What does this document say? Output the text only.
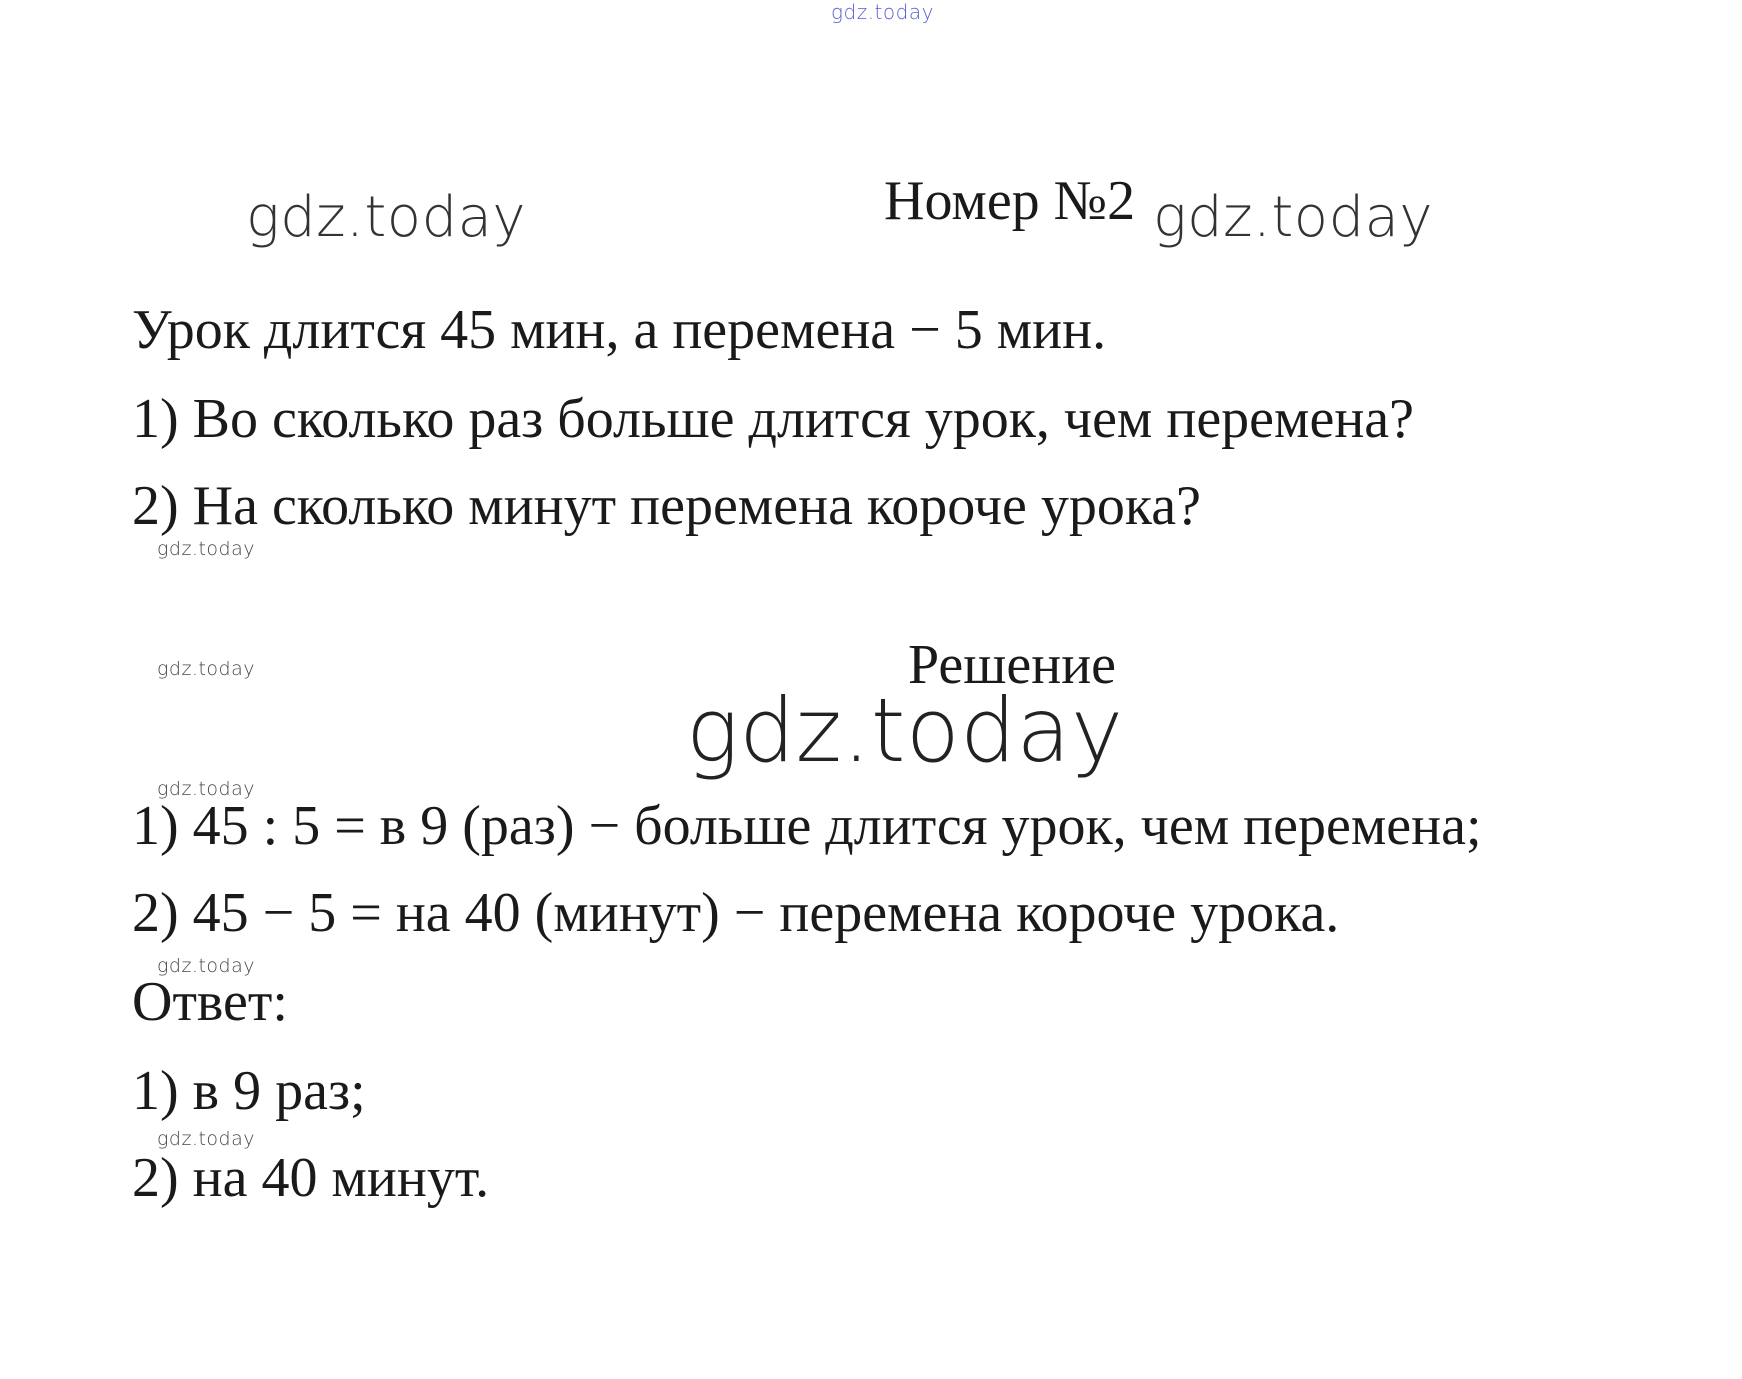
gdz.today
gdz.today	gdz.today
Номер №2
Урок длится 45 мин, а перемена − 5 мин.
1) Во сколько раз больше длится урок, чем перемена?
2) На сколько минут перемена короче урока?
gdz.today
gdz.today	Решение
gdz.today
gdz.today
1) 45 : 5 = в 9 (раз) − больше длится урок, чем перемена;
2) 45 − 5 = на 40 (минут) − перемена короче урока.
gdz.today
Ответ:
1) в 9 раз;
gdz.today
2) на 40 минут.
